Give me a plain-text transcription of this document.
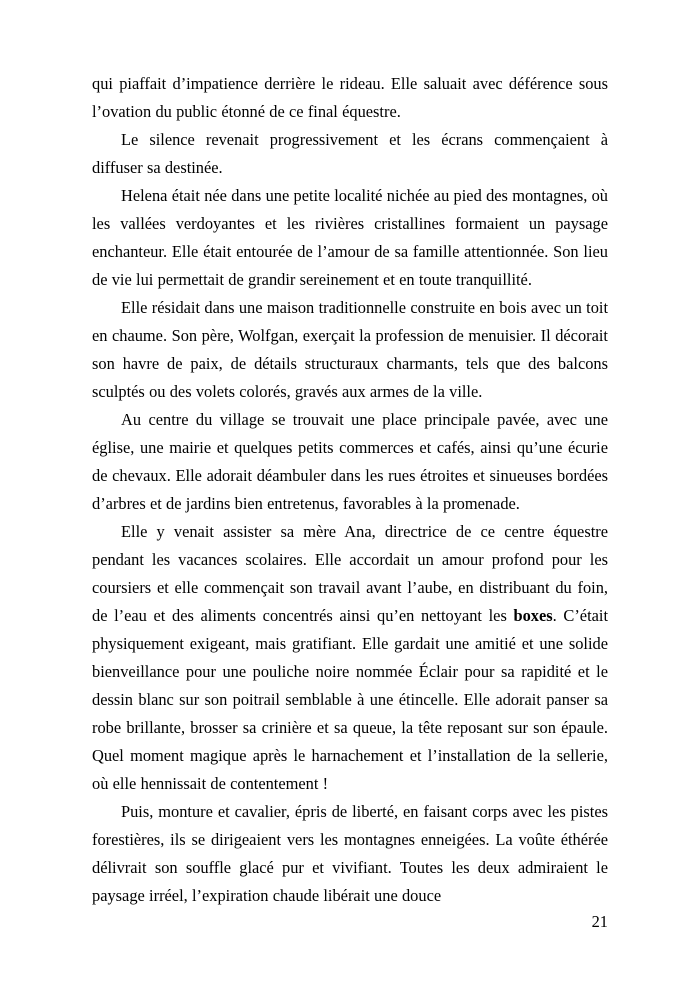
qui piaffait d’impatience derrière le rideau. Elle saluait avec déférence sous l’ovation du public étonné de ce final équestre.

Le silence revenait progressivement et les écrans commençaient à diffuser sa destinée.

Helena était née dans une petite localité nichée au pied des montagnes, où les vallées verdoyantes et les rivières cristallines formaient un paysage enchanteur. Elle était entourée de l’amour de sa famille attentionnée. Son lieu de vie lui permettait de grandir sereinement et en toute tranquillité.

Elle résidait dans une maison traditionnelle construite en bois avec un toit en chaume. Son père, Wolfgan, exerçait la profession de menuisier. Il décorait son havre de paix, de détails structuraux charmants, tels que des balcons sculptés ou des volets colorés, gravés aux armes de la ville.

Au centre du village se trouvait une place principale pavée, avec une église, une mairie et quelques petits commerces et cafés, ainsi qu’une écurie de chevaux. Elle adorait déambuler dans les rues étroites et sinueuses bordées d’arbres et de jardins bien entretenus, favorables à la promenade.

Elle y venait assister sa mère Ana, directrice de ce centre équestre pendant les vacances scolaires. Elle accordait un amour profond pour les coursiers et elle commençait son travail avant l’aube, en distribuant du foin, de l’eau et des aliments concentrés ainsi qu’en nettoyant les boxes. C’était physiquement exigeant, mais gratifiant. Elle gardait une amitié et une solide bienveillance pour une pouliche noire nommée Éclair pour sa rapidité et le dessin blanc sur son poitrail semblable à une étincelle. Elle adorait panser sa robe brillante, brosser sa crinière et sa queue, la tête reposant sur son épaule. Quel moment magique après le harnachement et l’installation de la sellerie, où elle hennissait de contentement !

Puis, monture et cavalier, épris de liberté, en faisant corps avec les pistes forestières, ils se dirigeaient vers les montagnes enneigées. La voûte éthérée délivrait son souffle glacé pur et vivifiant. Toutes les deux admiraient le paysage irréel, l’expiration chaude libérait une douce

21
